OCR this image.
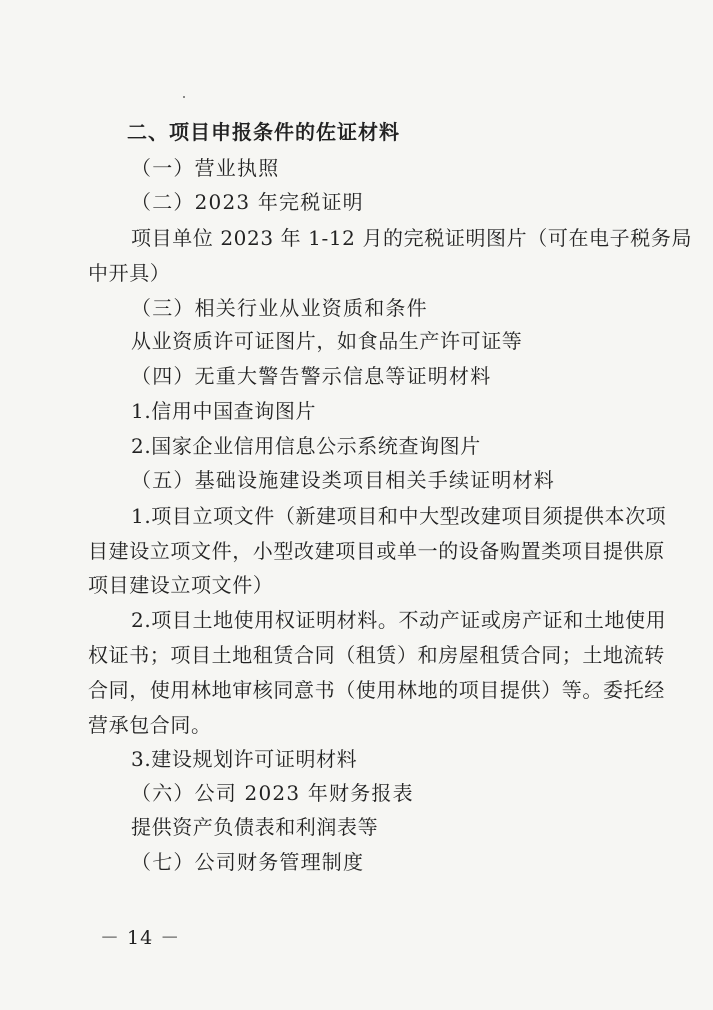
二、项目申报条件的佐证材料
（一）营业执照
（二）2023 年完税证明
项目单位 2023 年 1-12 月的完税证明图片（可在电子税务局
中开具）
（三）相关行业从业资质和条件
从业资质许可证图片，如食品生产许可证等
（四）无重大警告警示信息等证明材料
1.信用中国查询图片
2.国家企业信用信息公示系统查询图片
（五）基础设施建设类项目相关手续证明材料
1.项目立项文件（新建项目和中大型改建项目须提供本次项
目建设立项文件，小型改建项目或单一的设备购置类项目提供原
项目建设立项文件）
2.项目土地使用权证明材料。不动产证或房产证和土地使用
权证书；项目土地租赁合同（租赁）和房屋租赁合同；土地流转
合同，使用林地审核同意书（使用林地的项目提供）等。委托经
营承包合同。
3.建设规划许可证明材料
（六）公司 2023 年财务报表
提供资产负债表和利润表等
（七）公司财务管理制度
－ 14 －
